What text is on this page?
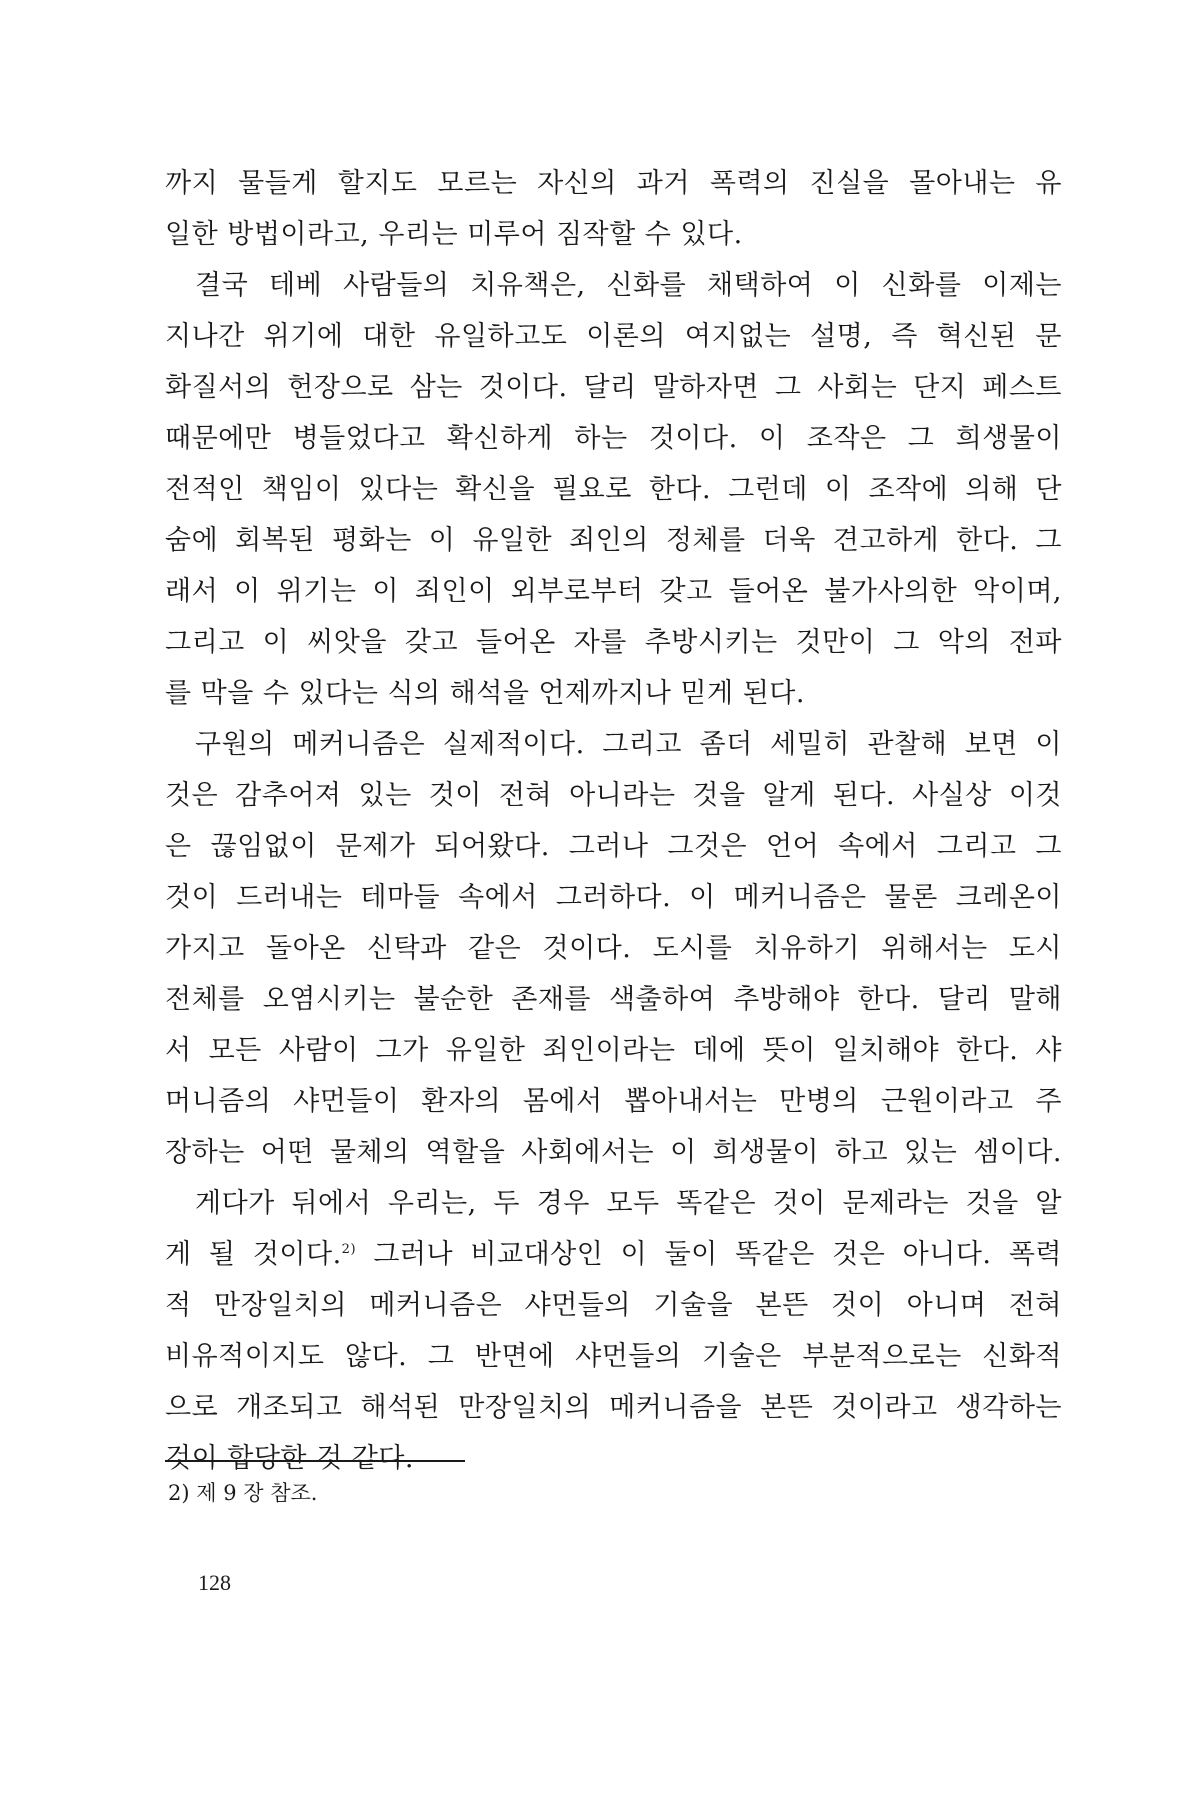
까지 물들게 할지도 모르는 자신의 과거 폭력의 진실을 몰아내는 유
일한 방법이라고, 우리는 미루어 짐작할 수 있다.
결국 테베 사람들의 치유책은, 신화를 채택하여 이 신화를 이제는
지나간 위기에 대한 유일하고도 이론의 여지없는 설명, 즉 혁신된 문
화질서의 헌장으로 삼는 것이다. 달리 말하자면 그 사회는 단지 페스트
때문에만 병들었다고 확신하게 하는 것이다. 이 조작은 그 희생물이
전적인 책임이 있다는 확신을 필요로 한다. 그런데 이 조작에 의해 단
숨에 회복된 평화는 이 유일한 죄인의 정체를 더욱 견고하게 한다. 그
래서 이 위기는 이 죄인이 외부로부터 갖고 들어온 불가사의한 악이며,
그리고 이 씨앗을 갖고 들어온 자를 추방시키는 것만이 그 악의 전파
를 막을 수 있다는 식의 해석을 언제까지나 믿게 된다.
구원의 메커니즘은 실제적이다. 그리고 좀더 세밀히 관찰해 보면 이
것은 감추어져 있는 것이 전혀 아니라는 것을 알게 된다. 사실상 이것
은 끊임없이 문제가 되어왔다. 그러나 그것은 언어 속에서 그리고 그
것이 드러내는 테마들 속에서 그러하다. 이 메커니즘은 물론 크레온이
가지고 돌아온 신탁과 같은 것이다. 도시를 치유하기 위해서는 도시
전체를 오염시키는 불순한 존재를 색출하여 추방해야 한다. 달리 말해
서 모든 사람이 그가 유일한 죄인이라는 데에 뜻이 일치해야 한다. 샤
머니즘의 샤먼들이 환자의 몸에서 뽑아내서는 만병의 근원이라고 주
장하는 어떤 물체의 역할을 사회에서는 이 희생물이 하고 있는 셈이다.
게다가 뒤에서 우리는, 두 경우 모두 똑같은 것이 문제라는 것을 알
게 될 것이다.$^{2)}$ 그러나 비교대상인 이 둘이 똑같은 것은 아니다. 폭력
적 만장일치의 메커니즘은 샤먼들의 기술을 본뜬 것이 아니며 전혀
비유적이지도 않다. 그 반면에 샤먼들의 기술은 부분적으로는 신화적
으로 개조되고 해석된 만장일치의 메커니즘을 본뜬 것이라고 생각하는
것이 합당한 것 같다.
2) 제 9 장 참조.
128
